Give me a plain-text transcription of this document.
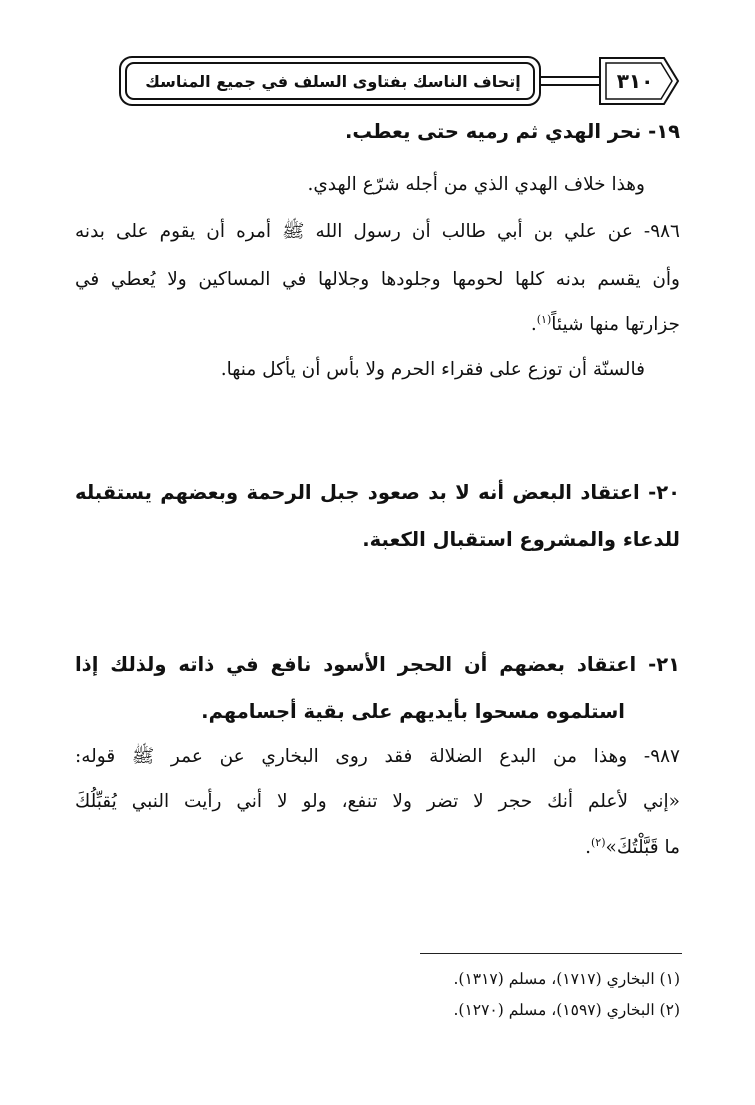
إتحاف الناسك بفتاوى السلف في جميع المناسك	٣١٠
١٩- نحر الهدي ثم رميه حتى يعطب.
وهذا خلاف الهدي الذي من أجله شرّع الهدي.
٩٨٦- عن علي بن أبي طالب أن رسول الله ﷺ أمره أن يقوم على بدنه
وأن يقسم بدنه كلها لحومها وجلودها وجلالها في المساكين ولا يُعطي في
جزارتها منها شيئاً$^{(١)}$.
فالسنّة أن توزع على فقراء الحرم ولا بأس أن يأكل منها.
٢٠- اعتقاد البعض أنه لا بد صعود جبل الرحمة وبعضهم يستقبله
للدعاء والمشروع استقبال الكعبة.
٢١- اعتقاد بعضهم أن الحجر الأسود نافع في ذاته ولذلك إذا
استلموه مسحوا بأيديهم على بقية أجسامهم.
٩٨٧- وهذا من البدع الضلالة فقد روى البخاري عن عمر ﷺ قوله:
«إني لأعلم أنك حجر لا تضر ولا تنفع، ولو لا أني رأيت النبي يُقبِّلُكَ
ما قَبَّلْتُكَ»$^{(٢)}$.
(١) البخاري (١٧١٧)، مسلم (١٣١٧).
(٢) البخاري (١٥٩٧)، مسلم (١٢٧٠).
